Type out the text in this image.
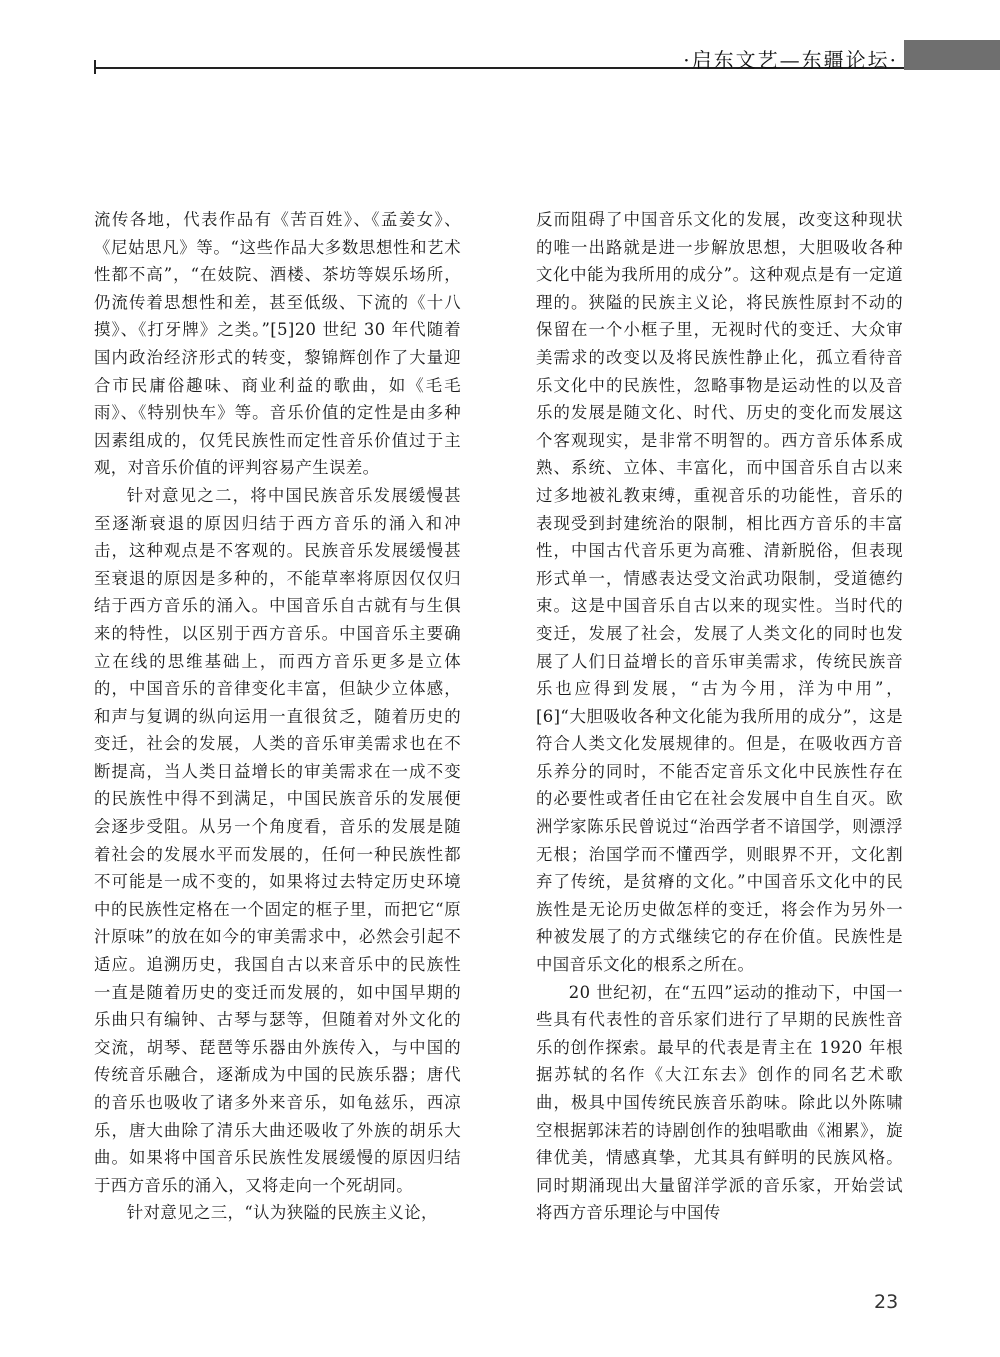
·启东文艺—东疆论坛·

流传各地，代表作品有《苦百姓》、《孟姜女》、《尼姑思凡》等。“这些作品大多数思想性和艺术性都不高”，“在妓院、酒楼、茶坊等娱乐场所，仍流传着思想性和差，甚至低级、下流的《十八摸》、《打牙牌》之类。”[5]20 世纪 30 年代随着国内政治经济形式的转变，黎锦辉创作了大量迎合市民庸俗趣味、商业利益的歌曲，如《毛毛雨》、《特别快车》等。音乐价值的定性是由多种因素组成的，仅凭民族性而定性音乐价值过于主观，对音乐价值的评判容易产生误差。

针对意见之二，将中国民族音乐发展缓慢甚至逐渐衰退的原因归结于西方音乐的涌入和冲击，这种观点是不客观的。民族音乐发展缓慢甚至衰退的原因是多种的，不能草率将原因仅仅归结于西方音乐的涌入。中国音乐自古就有与生俱来的特性，以区别于西方音乐。中国音乐主要确立在线的思维基础上，而西方音乐更多是立体的，中国音乐的音律变化丰富，但缺少立体感，和声与复调的纵向运用一直很贫乏，随着历史的变迁，社会的发展，人类的音乐审美需求也在不断提高，当人类日益增长的审美需求在一成不变的民族性中得不到满足，中国民族音乐的发展便会逐步受阻。从另一个角度看，音乐的发展是随着社会的发展水平而发展的，任何一种民族性都不可能是一成不变的，如果将过去特定历史环境中的民族性定格在一个固定的框子里，而把它“原汁原味”的放在如今的审美需求中，必然会引起不适应。追溯历史，我国自古以来音乐中的民族性一直是随着历史的变迁而发展的，如中国早期的乐曲只有编钟、古琴与瑟等，但随着对外文化的交流，胡琴、琵琶等乐器由外族传入，与中国的传统音乐融合，逐渐成为中国的民族乐器；唐代的音乐也吸收了诸多外来音乐，如龟兹乐，西凉乐，唐大曲除了清乐大曲还吸收了外族的胡乐大曲。如果将中国音乐民族性发展缓慢的原因归结于西方音乐的涌入，又将走向一个死胡同。

针对意见之三，“认为狭隘的民族主义论，

反而阻碍了中国音乐文化的发展，改变这种现状的唯一出路就是进一步解放思想，大胆吸收各种文化中能为我所用的成分”。这种观点是有一定道理的。狭隘的民族主义论，将民族性原封不动的保留在一个小框子里，无视时代的变迁、大众审美需求的改变以及将民族性静止化，孤立看待音乐文化中的民族性，忽略事物是运动性的以及音乐的发展是随文化、时代、历史的变化而发展这个客观现实，是非常不明智的。西方音乐体系成熟、系统、立体、丰富化，而中国音乐自古以来过多地被礼教束缚，重视音乐的功能性，音乐的表现受到封建统治的限制，相比西方音乐的丰富性，中国古代音乐更为高雅、清新脱俗，但表现形式单一，情感表达受文治武功限制，受道德约束。这是中国音乐自古以来的现实性。当时代的变迁，发展了社会，发展了人类文化的同时也发展了人们日益增长的音乐审美需求，传统民族音乐也应得到发展，“古为今用，洋为中用”，[6]“大胆吸收各种文化能为我所用的成分”，这是符合人类文化发展规律的。但是，在吸收西方音乐养分的同时，不能否定音乐文化中民族性存在的必要性或者任由它在社会发展中自生自灭。欧洲学家陈乐民曾说过“治西学者不谙国学，则漂浮无根；治国学而不懂西学，则眼界不开，文化割弃了传统，是贫瘠的文化。”中国音乐文化中的民族性是无论历史做怎样的变迁，将会作为另外一种被发展了的方式继续它的存在价值。民族性是中国音乐文化的根系之所在。

20 世纪初，在“五四”运动的推动下，中国一些具有代表性的音乐家们进行了早期的民族性音乐的创作探索。最早的代表是青主在 1920 年根据苏轼的名作《大江东去》创作的同名艺术歌曲，极具中国传统民族音乐韵味。除此以外陈啸空根据郭沫若的诗剧创作的独唱歌曲《湘累》，旋律优美，情感真挚，尤其具有鲜明的民族风格。同时期涌现出大量留洋学派的音乐家，开始尝试将西方音乐理论与中国传

23
